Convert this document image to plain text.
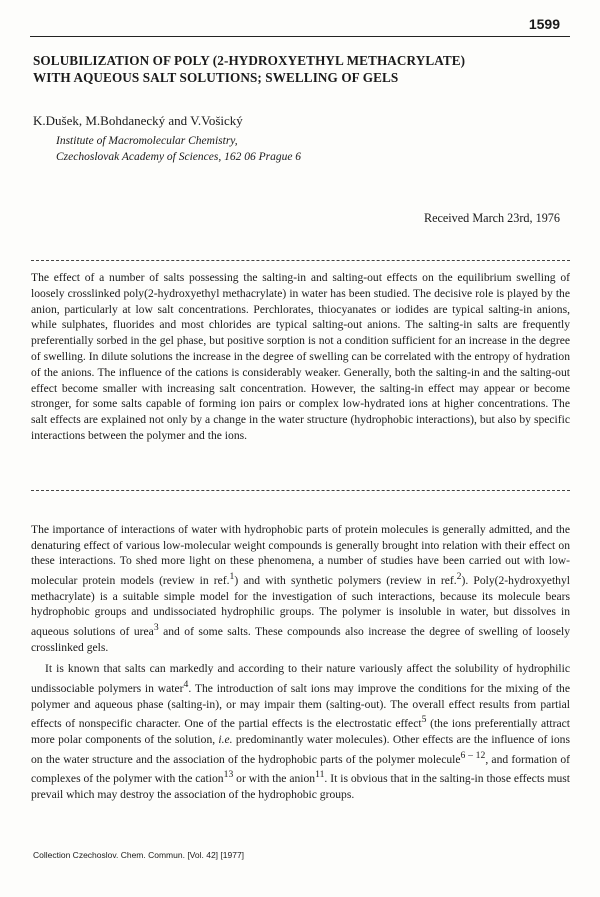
1599
SOLUBILIZATION OF POLY (2-HYDROXYETHYL METHACRYLATE)
WITH AQUEOUS SALT SOLUTIONS; SWELLING OF GELS
K.Dušek, M.Bohdanecký and V.Vošický
Institute of Macromolecular Chemistry,
Czechoslovak Academy of Sciences, 162 06 Prague 6
Received March 23rd, 1976
The effect of a number of salts possessing the salting-in and salting-out effects on the equilibrium swelling of loosely crosslinked poly(2-hydroxyethyl methacrylate) in water has been studied. The decisive role is played by the anion, particularly at low salt concentrations. Perchlorates, thiocyanates or iodides are typical salting-in anions, while sulphates, fluorides and most chlorides are typical salting-out anions. The salting-in salts are frequently preferentially sorbed in the gel phase, but positive sorption is not a condition sufficient for an increase in the degree of swelling. In dilute solutions the increase in the degree of swelling can be correlated with the entropy of hydration of the anions. The influence of the cations is considerably weaker. Generally, both the salting-in and the salting-out effect become smaller with increasing salt concentration. However, the salting-in effect may appear or become stronger, for some salts capable of forming ion pairs or complex low-hydrated ions at higher concentrations. The salt effects are explained not only by a change in the water structure (hydrophobic interactions), but also by specific interactions between the polymer and the ions.

The importance of interactions of water with hydrophobic parts of protein molecules is generally admitted, and the denaturing effect of various low-molecular weight compounds is generally brought into relation with their effect on these interactions. To shed more light on these phenomena, a number of studies have been carried out with low-molecular protein models (review in ref.$^1$) and with synthetic polymers (review in ref.$^2$). Poly(2-hydroxyethyl methacrylate) is a suitable simple model for the investigation of such interactions, because its molecule bears hydrophobic groups and undissociated hydrophilic groups. The polymer is insoluble in water, but dissolves in aqueous solutions of urea$^3$ and of some salts. These compounds also increase the degree of swelling of loosely crosslinked gels.

It is known that salts can markedly and according to their nature variously affect the solubility of hydrophilic undissociable polymers in water$^4$. The introduction of salt ions may improve the conditions for the mixing of the polymer and aqueous phase (salting-in), or may impair them (salting-out). The overall effect results from partial effects of nonspecific character. One of the partial effects is the electrostatic effect$^5$ (the ions preferentially attract more polar components of the solution, i.e. predominantly water molecules). Other effects are the influence of ions on the water structure and the association of the hydrophobic parts of the polymer molecule$^{6 - 12}$, and formation of complexes of the polymer with the cation$^{13}$ or with the anion$^{11}$. It is obvious that in the salting-in those effects must prevail which may destroy the association of the hydrophobic groups.

Collection Czechoslov. Chem. Commun. [Vol. 42] [1977]
